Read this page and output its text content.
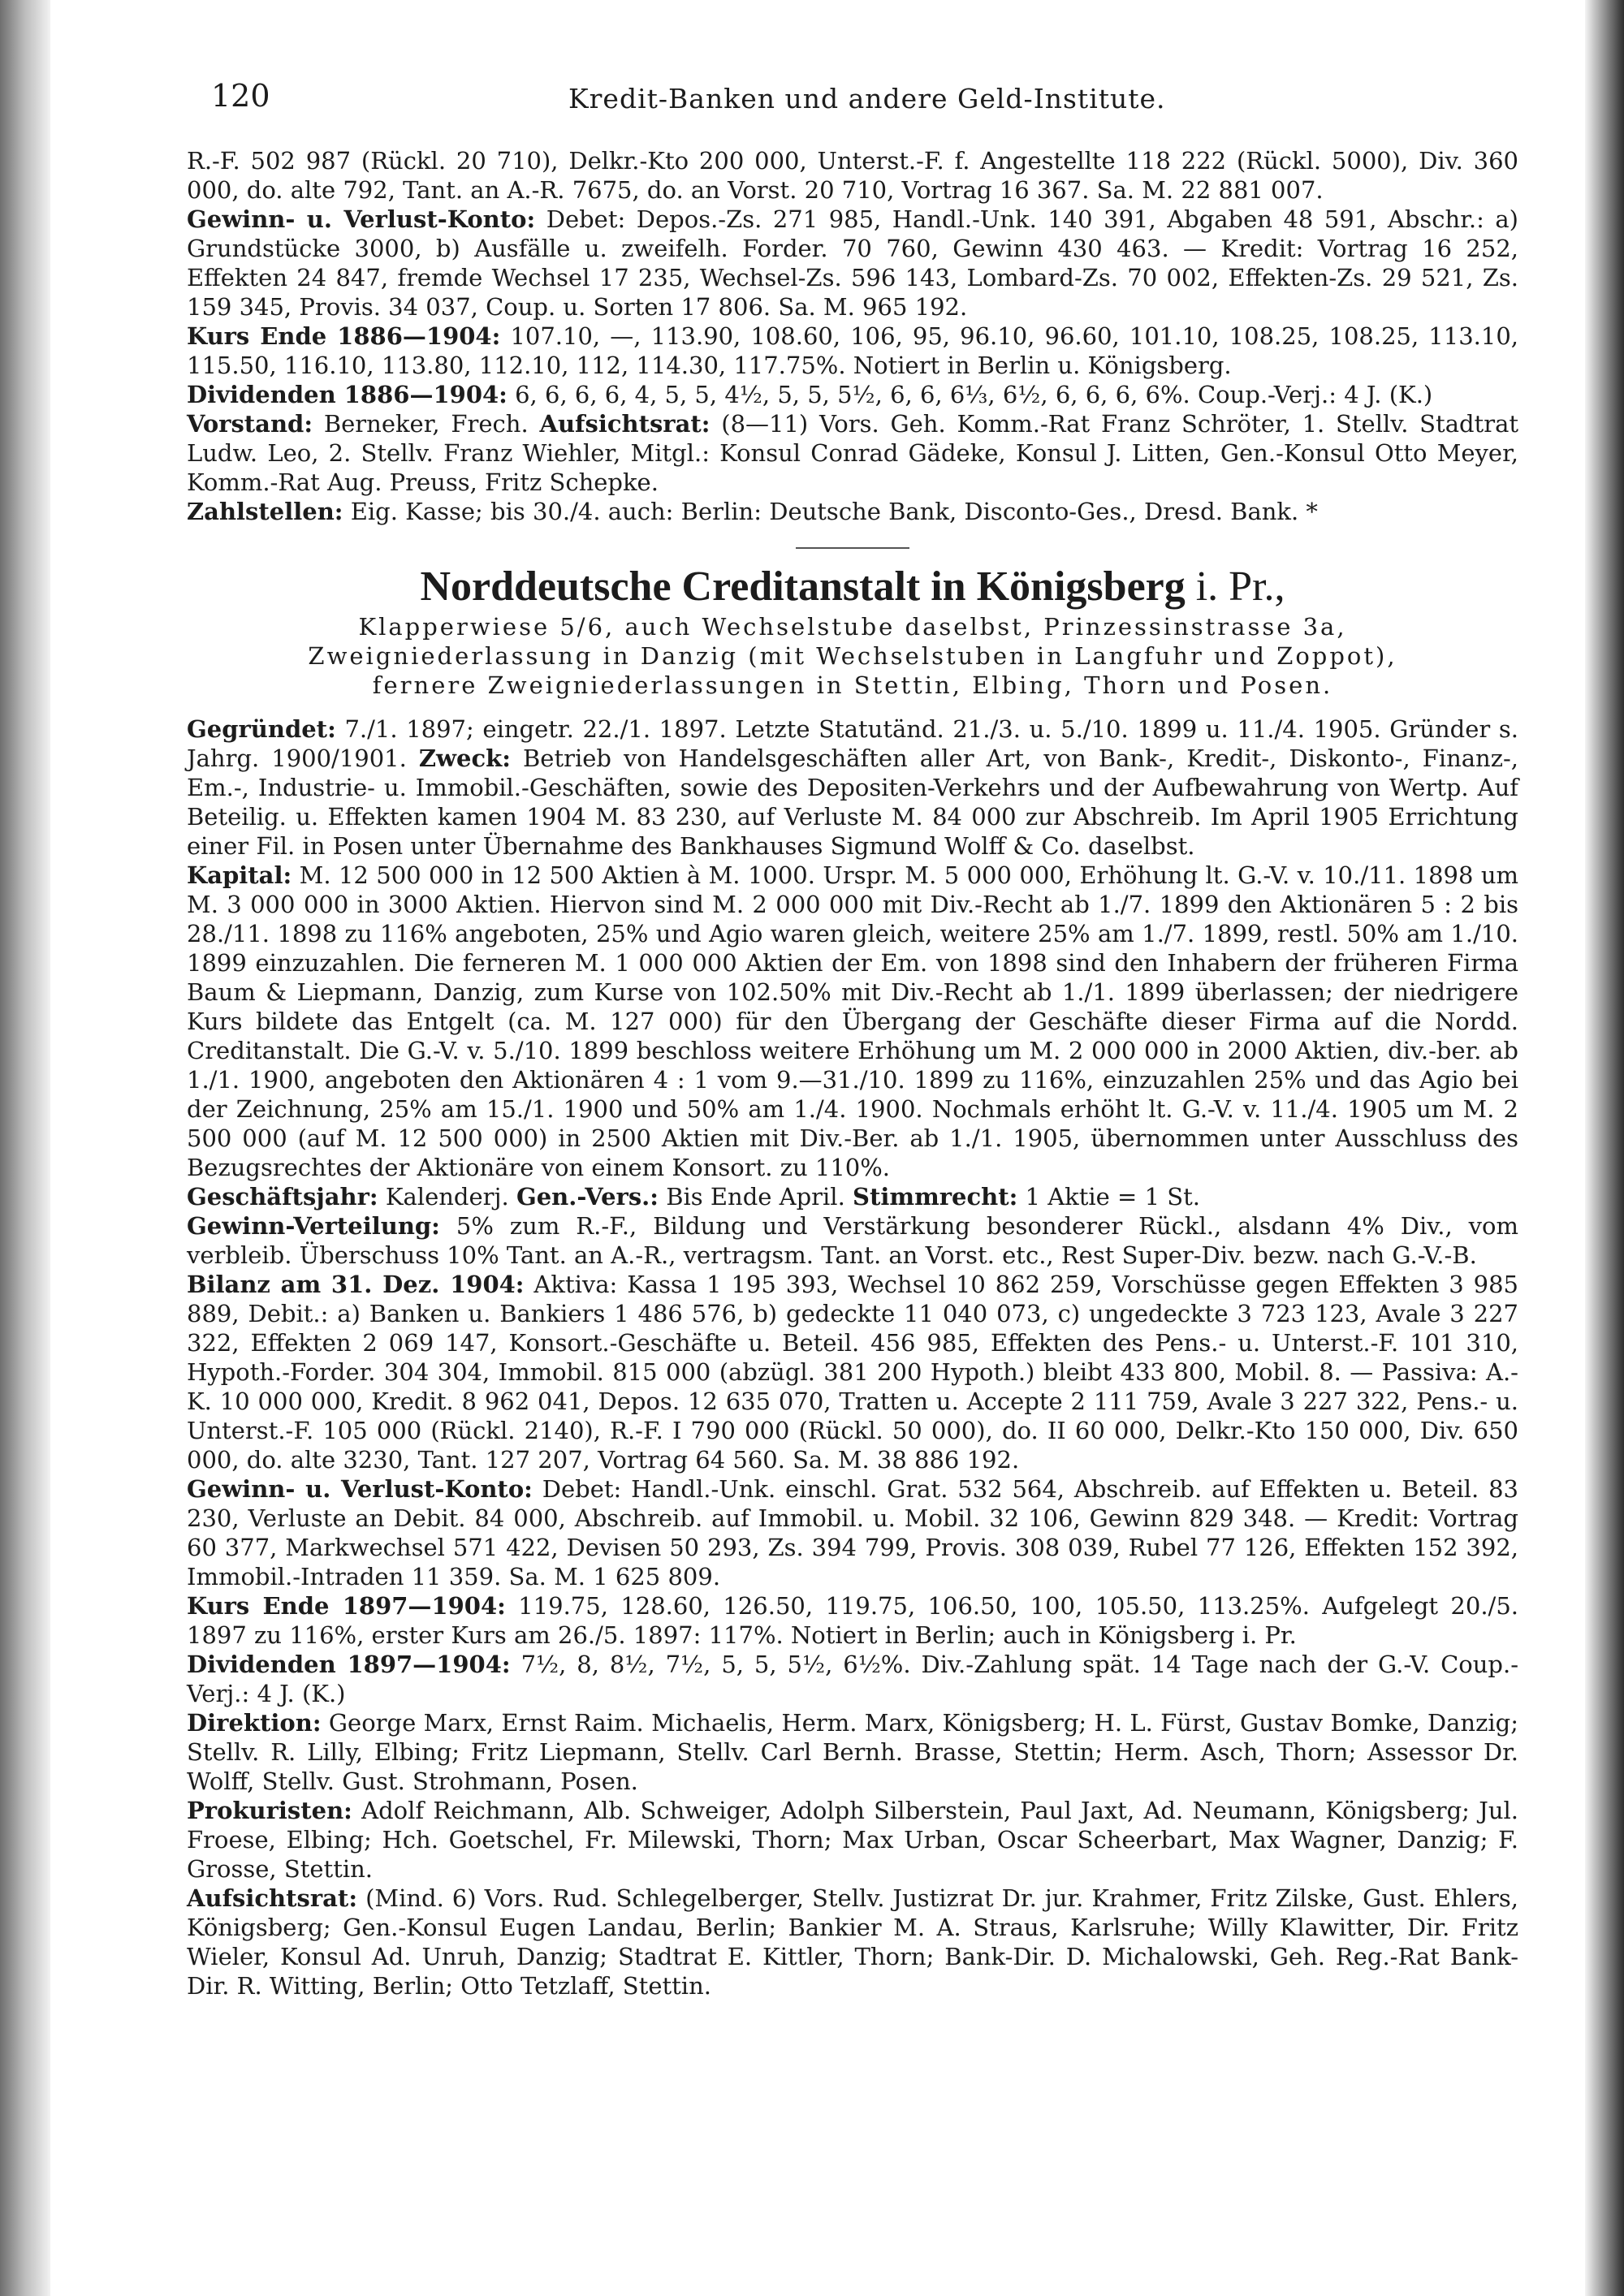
120	Kredit-Banken und andere Geld-Institute.

R.-F. 502 987 (Rückl. 20 710), Delkr.-Kto 200 000, Unterst.-F. f. Angestellte 118 222 (Rückl. 5000), Div. 360 000, do. alte 792, Tant. an A.-R. 7675, do. an Vorst. 20 710, Vortrag 16 367. Sa. M. 22 881 007.

Gewinn- u. Verlust-Konto: Debet: Depos.-Zs. 271 985, Handl.-Unk. 140 391, Abgaben 48 591, Abschr.: a) Grundstücke 3000, b) Ausfälle u. zweifelh. Forder. 70 760, Gewinn 430 463. — Kredit: Vortrag 16 252, Effekten 24 847, fremde Wechsel 17 235, Wechsel-Zs. 596 143, Lombard-Zs. 70 002, Effekten-Zs. 29 521, Zs. 159 345, Provis. 34 037, Coup. u. Sorten 17 806. Sa. M. 965 192.

Kurs Ende 1886—1904: 107.10, —, 113.90, 108.60, 106, 95, 96.10, 96.60, 101.10, 108.25, 108.25, 113.10, 115.50, 116.10, 113.80, 112.10, 112, 114.30, 117.75%. Notiert in Berlin u. Königsberg.

Dividenden 1886—1904: 6, 6, 6, 6, 4, 5, 5, 4½, 5, 5, 5½, 6, 6, 6⅓, 6½, 6, 6, 6, 6%. Coup.-Verj.: 4 J. (K.)

Vorstand: Berneker, Frech. Aufsichtsrat: (8—11) Vors. Geh. Komm.-Rat Franz Schröter, 1. Stellv. Stadtrat Ludw. Leo, 2. Stellv. Franz Wiehler, Mitgl.: Konsul Conrad Gädeke, Konsul J. Litten, Gen.-Konsul Otto Meyer, Komm.-Rat Aug. Preuss, Fritz Schepke.

Zahlstellen: Eig. Kasse; bis 30./4. auch: Berlin: Deutsche Bank, Disconto-Ges., Dresd. Bank. *

Norddeutsche Creditanstalt in Königsberg i. Pr.,
Klapperwiese 5/6, auch Wechselstube daselbst, Prinzessinstrasse 3a,
Zweigniederlassung in Danzig (mit Wechselstuben in Langfuhr und Zoppot),
fernere Zweigniederlassungen in Stettin, Elbing, Thorn und Posen.

Gegründet: 7./1. 1897; eingetr. 22./1. 1897. Letzte Statutänd. 21./3. u. 5./10. 1899 u. 11./4. 1905. Gründer s. Jahrg. 1900/1901. Zweck: Betrieb von Handelsgeschäften aller Art, von Bank-, Kredit-, Diskonto-, Finanz-, Em.-, Industrie- u. Immobil.-Geschäften, sowie des Depositen-Verkehrs und der Aufbewahrung von Wertp. Auf Beteilig. u. Effekten kamen 1904 M. 83 230, auf Verluste M. 84 000 zur Abschreib. Im April 1905 Errichtung einer Fil. in Posen unter Übernahme des Bankhauses Sigmund Wolff & Co. daselbst.

Kapital: M. 12 500 000 in 12 500 Aktien à M. 1000. Urspr. M. 5 000 000, Erhöhung lt. G.-V. v. 10./11. 1898 um M. 3 000 000 in 3000 Aktien. Hiervon sind M. 2 000 000 mit Div.-Recht ab 1./7. 1899 den Aktionären 5 : 2 bis 28./11. 1898 zu 116% angeboten, 25% und Agio waren gleich, weitere 25% am 1./7. 1899, restl. 50% am 1./10. 1899 einzuzahlen. Die ferneren M. 1 000 000 Aktien der Em. von 1898 sind den Inhabern der früheren Firma Baum & Liepmann, Danzig, zum Kurse von 102.50% mit Div.-Recht ab 1./1. 1899 überlassen; der niedrigere Kurs bildete das Entgelt (ca. M. 127 000) für den Übergang der Geschäfte dieser Firma auf die Nordd. Creditanstalt. Die G.-V. v. 5./10. 1899 beschloss weitere Erhöhung um M. 2 000 000 in 2000 Aktien, div.-ber. ab 1./1. 1900, angeboten den Aktionären 4 : 1 vom 9.—31./10. 1899 zu 116%, einzuzahlen 25% und das Agio bei der Zeichnung, 25% am 15./1. 1900 und 50% am 1./4. 1900. Nochmals erhöht lt. G.-V. v. 11./4. 1905 um M. 2 500 000 (auf M. 12 500 000) in 2500 Aktien mit Div.-Ber. ab 1./1. 1905, übernommen unter Ausschluss des Bezugsrechtes der Aktionäre von einem Konsort. zu 110%.

Geschäftsjahr: Kalenderj. Gen.-Vers.: Bis Ende April. Stimmrecht: 1 Aktie = 1 St.

Gewinn-Verteilung: 5% zum R.-F., Bildung und Verstärkung besonderer Rückl., alsdann 4% Div., vom verbleib. Überschuss 10% Tant. an A.-R., vertragsm. Tant. an Vorst. etc., Rest Super-Div. bezw. nach G.-V.-B.

Bilanz am 31. Dez. 1904: Aktiva: Kassa 1 195 393, Wechsel 10 862 259, Vorschüsse gegen Effekten 3 985 889, Debit.: a) Banken u. Bankiers 1 486 576, b) gedeckte 11 040 073, c) ungedeckte 3 723 123, Avale 3 227 322, Effekten 2 069 147, Konsort.-Geschäfte u. Beteil. 456 985, Effekten des Pens.- u. Unterst.-F. 101 310, Hypoth.-Forder. 304 304, Immobil. 815 000 (abzügl. 381 200 Hypoth.) bleibt 433 800, Mobil. 8. — Passiva: A.-K. 10 000 000, Kredit. 8 962 041, Depos. 12 635 070, Tratten u. Accepte 2 111 759, Avale 3 227 322, Pens.- u. Unterst.-F. 105 000 (Rückl. 2140), R.-F. I 790 000 (Rückl. 50 000), do. II 60 000, Delkr.-Kto 150 000, Div. 650 000, do. alte 3230, Tant. 127 207, Vortrag 64 560. Sa. M. 38 886 192.

Gewinn- u. Verlust-Konto: Debet: Handl.-Unk. einschl. Grat. 532 564, Abschreib. auf Effekten u. Beteil. 83 230, Verluste an Debit. 84 000, Abschreib. auf Immobil. u. Mobil. 32 106, Gewinn 829 348. — Kredit: Vortrag 60 377, Markwechsel 571 422, Devisen 50 293, Zs. 394 799, Provis. 308 039, Rubel 77 126, Effekten 152 392, Immobil.-Intraden 11 359. Sa. M. 1 625 809.

Kurs Ende 1897—1904: 119.75, 128.60, 126.50, 119.75, 106.50, 100, 105.50, 113.25%. Aufgelegt 20./5. 1897 zu 116%, erster Kurs am 26./5. 1897: 117%. Notiert in Berlin; auch in Königsberg i. Pr.

Dividenden 1897—1904: 7½, 8, 8½, 7½, 5, 5, 5½, 6½%. Div.-Zahlung spät. 14 Tage nach der G.-V. Coup.-Verj.: 4 J. (K.)

Direktion: George Marx, Ernst Raim. Michaelis, Herm. Marx, Königsberg; H. L. Fürst, Gustav Bomke, Danzig; Stellv. R. Lilly, Elbing; Fritz Liepmann, Stellv. Carl Bernh. Brasse, Stettin; Herm. Asch, Thorn; Assessor Dr. Wolff, Stellv. Gust. Strohmann, Posen.

Prokuristen: Adolf Reichmann, Alb. Schweiger, Adolph Silberstein, Paul Jaxt, Ad. Neumann, Königsberg; Jul. Froese, Elbing; Hch. Goetschel, Fr. Milewski, Thorn; Max Urban, Oscar Scheerbart, Max Wagner, Danzig; F. Grosse, Stettin.

Aufsichtsrat: (Mind. 6) Vors. Rud. Schlegelberger, Stellv. Justizrat Dr. jur. Krahmer, Fritz Zilske, Gust. Ehlers, Königsberg; Gen.-Konsul Eugen Landau, Berlin; Bankier M. A. Straus, Karlsruhe; Willy Klawitter, Dir. Fritz Wieler, Konsul Ad. Unruh, Danzig; Stadtrat E. Kittler, Thorn; Bank-Dir. D. Michalowski, Geh. Reg.-Rat Bank-Dir. R. Witting, Berlin; Otto Tetzlaff, Stettin.
